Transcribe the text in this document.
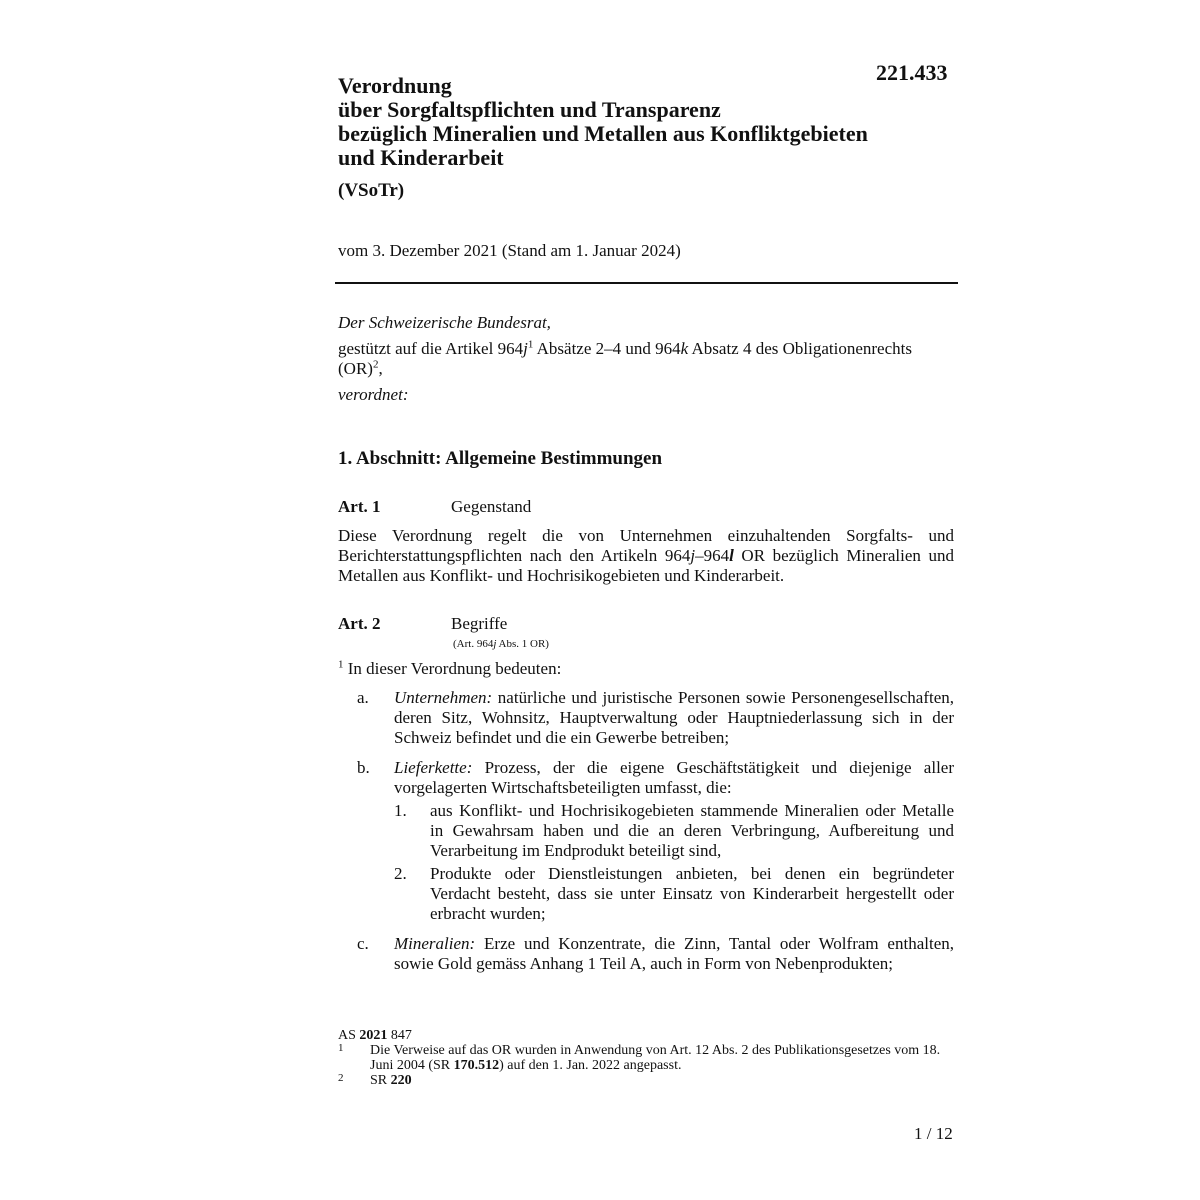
221.433
Verordnung
über Sorgfaltspflichten und Transparenz
bezüglich Mineralien und Metallen aus Konfliktgebieten
und Kinderarbeit
(VSoTr)
vom 3. Dezember 2021 (Stand am 1. Januar 2024)
Der Schweizerische Bundesrat,
gestützt auf die Artikel $964j^1$ Absätze 2–4 und 964k Absatz 4 des Obligationenrechts (OR)$^2$,
verordnet:
1. Abschnitt: Allgemeine Bestimmungen
Art. 1	Gegenstand
Diese Verordnung regelt die von Unternehmen einzuhaltenden Sorgfalts- und Berichterstattungspflichten nach den Artikeln 964j–964l OR bezüglich Mineralien und Metallen aus Konflikt- und Hochrisikogebieten und Kinderarbeit.
Art. 2	Begriffe
(Art. 964j Abs. 1 OR)
$^1$ In dieser Verordnung bedeuten:
a. Unternehmen: natürliche und juristische Personen sowie Personengesellschaften, deren Sitz, Wohnsitz, Hauptverwaltung oder Hauptniederlassung sich in der Schweiz befindet und die ein Gewerbe betreiben;
b. Lieferkette: Prozess, der die eigene Geschäftstätigkeit und diejenige aller vorgelagerten Wirtschaftsbeteiligten umfasst, die:
1. aus Konflikt- und Hochrisikogebieten stammende Mineralien oder Metalle in Gewahrsam haben und die an deren Verbringung, Aufbereitung und Verarbeitung im Endprodukt beteiligt sind,
2. Produkte oder Dienstleistungen anbieten, bei denen ein begründeter Verdacht besteht, dass sie unter Einsatz von Kinderarbeit hergestellt oder erbracht wurden;
c. Mineralien: Erze und Konzentrate, die Zinn, Tantal oder Wolfram enthalten, sowie Gold gemäss Anhang 1 Teil A, auch in Form von Nebenprodukten;
AS 2021 847
1 Die Verweise auf das OR wurden in Anwendung von Art. 12 Abs. 2 des Publikationsgesetzes vom 18. Juni 2004 (SR 170.512) auf den 1. Jan. 2022 angepasst.
2 SR 220
1 / 12
